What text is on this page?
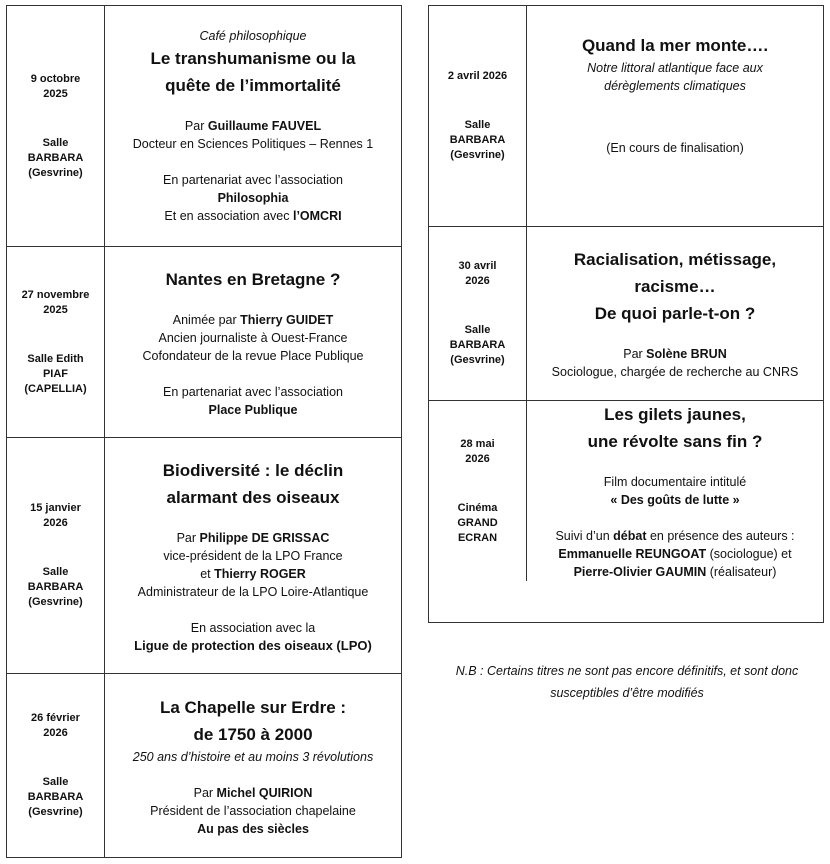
9 octobre 2025
Salle BARBARA (Gesvrine)
Café philosophique
Le transhumanisme ou la quête de l’immortalité
Par Guillaume FAUVEL
Docteur en Sciences Politiques – Rennes 1
En partenariat avec l’association
Philosophia
Et en association avec l’OMCRI
27 novembre 2025
Salle Edith PIAF (CAPELLIA)
Nantes en Bretagne ?
Animée par Thierry GUIDET
Ancien journaliste à Ouest-France
Cofondateur de la revue Place Publique
En partenariat avec l’association
Place Publique
15 janvier 2026
Salle BARBARA (Gesvrine)
Biodiversité : le déclin alarmant des oiseaux
Par Philippe DE GRISSAC
vice-président de la LPO France
et Thierry ROGER
Administrateur de la LPO Loire-Atlantique
En association avec la
Ligue de protection des oiseaux (LPO)
26 février 2026
Salle BARBARA (Gesvrine)
La Chapelle sur Erdre : de 1750 à 2000
250 ans d’histoire et au moins 3 révolutions
Par Michel QUIRION
Président de l’association chapelaine
Au pas des siècles
2 avril 2026
Salle BARBARA (Gesvrine)
Quand la mer monte….
Notre littoral atlantique face aux dérèglements climatiques
(En cours de finalisation)
30 avril 2026
Salle BARBARA (Gesvrine)
Racialisation, métissage, racisme…
De quoi parle-t-on ?
Par Solène BRUN
Sociologue, chargée de recherche au CNRS
28 mai 2026
Cinéma GRAND ECRAN
Les gilets jaunes,
une révolte sans fin ?
Film documentaire intitulé
« Des goûts de lutte »
Suivi d’un débat en présence des auteurs :
Emmanuelle REUNGOAT (sociologue) et
Pierre-Olivier GAUMIN (réalisateur)
N.B : Certains titres ne sont pas encore définitifs, et sont donc susceptibles d’être modifiés
